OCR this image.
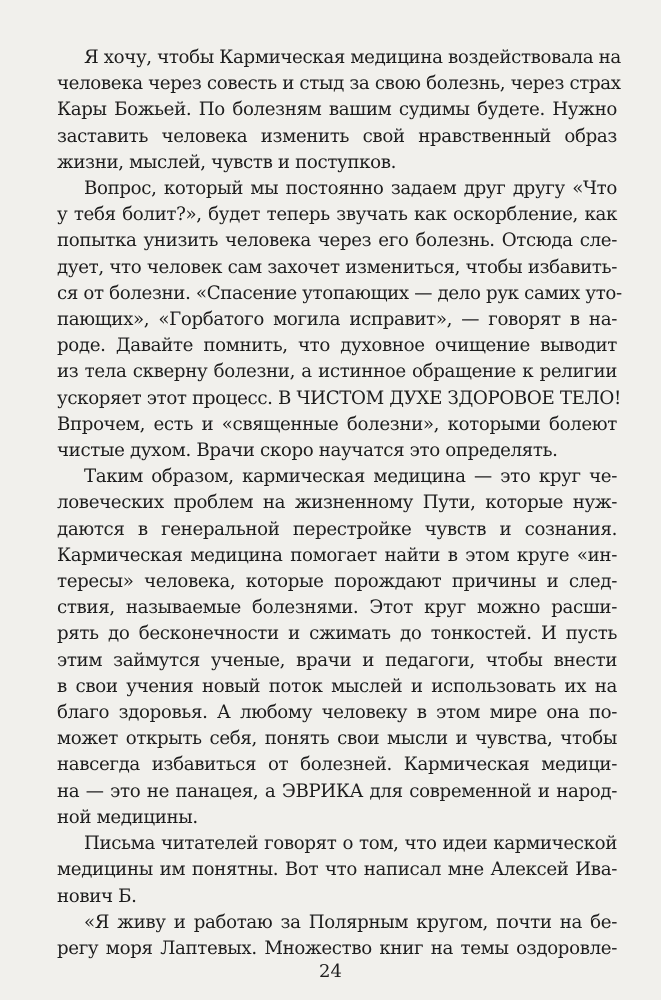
Я хочу, чтобы Кармическая медицина воздействовала на
человека через совесть и стыд за свою болезнь, через страх
Кары Божьей. По болезням вашим судимы будете. Нужно
заставить человека изменить свой нравственный образ
жизни, мыслей, чувств и поступков.

Вопрос, который мы постоянно задаем друг другу «Что
у тебя болит?», будет теперь звучать как оскорбление, как
попытка унизить человека через его болезнь. Отсюда сле-
дует, что человек сам захочет измениться, чтобы избавить-
ся от болезни. «Спасение утопающих — дело рук самих уто-
пающих», «Горбатого могила исправит», — говорят в на-
роде. Давайте помнить, что духовное очищение выводит
из тела скверну болезни, а истинное обращение к религии
ускоряет этот процесс. В ЧИСТОМ ДУХЕ ЗДОРОВОЕ ТЕЛО!
Впрочем, есть и «священные болезни», которыми болеют
чистые духом. Врачи скоро научатся это определять.

Таким образом, кармическая медицина — это круг че-
ловеческих проблем на жизненному Пути, которые нуж-
даются в генеральной перестройке чувств и сознания.
Кармическая медицина помогает найти в этом круге «ин-
тересы» человека, которые порождают причины и след-
ствия, называемые болезнями. Этот круг можно расши-
рять до бесконечности и сжимать до тонкостей. И пусть
этим займутся ученые, врачи и педагоги, чтобы внести
в свои учения новый поток мыслей и использовать их на
благо здоровья. А любому человеку в этом мире она по-
может открыть себя, понять свои мысли и чувства, чтобы
навсегда избавиться от болезней. Кармическая медици-
на — это не панацея, а ЭВРИКА для современной и народ-
ной медицины.

Письма читателей говорят о том, что идеи кармической
медицины им понятны. Вот что написал мне Алексей Ива-
нович Б.

«Я живу и работаю за Полярным кругом, почти на бе-
регу моря Лаптевых. Множество книг на темы оздоровле-

24
